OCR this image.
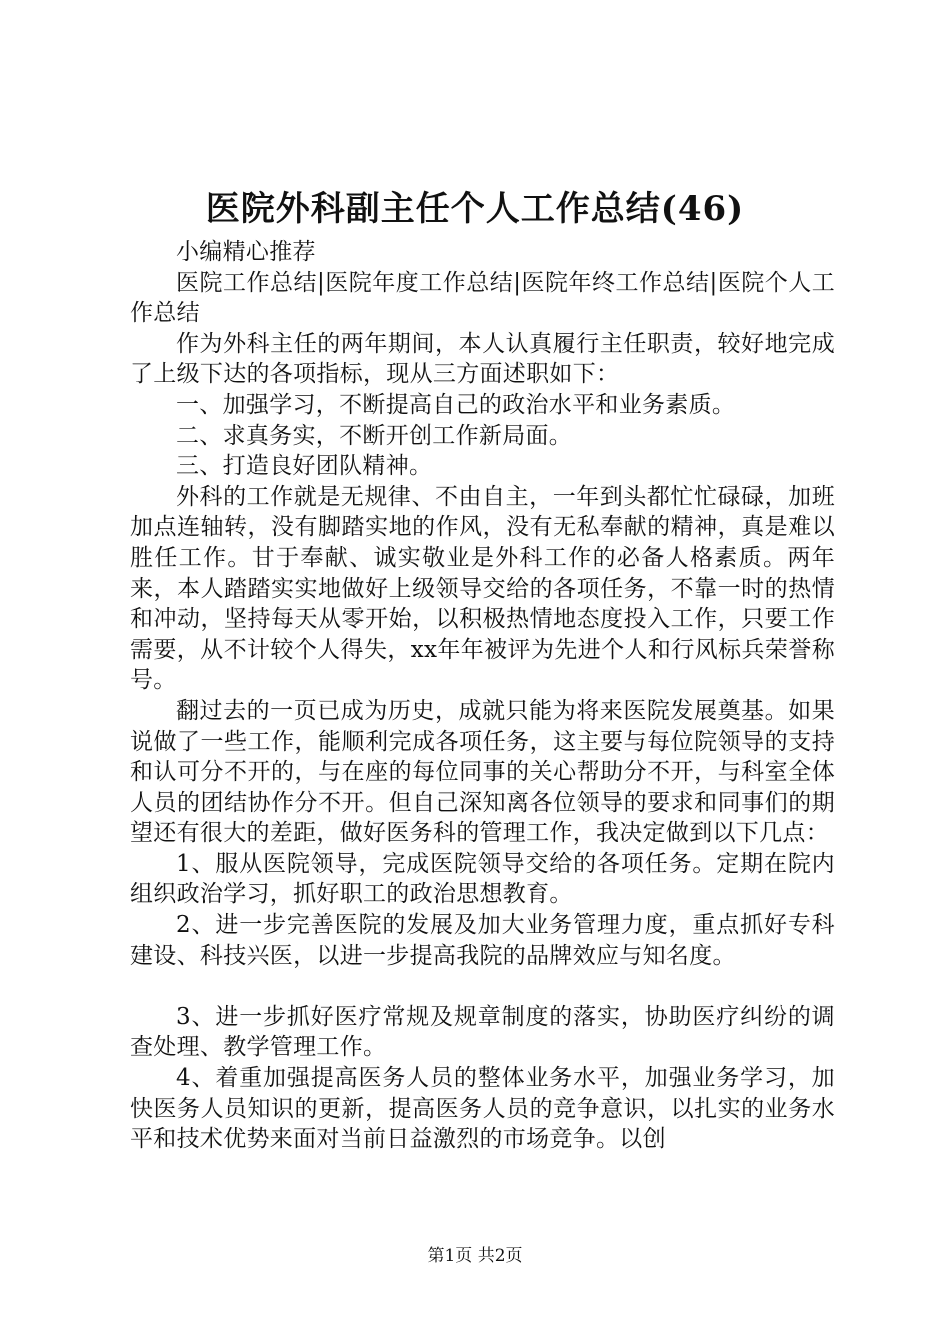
医院外科副主任个人工作总结(46)

小编精心推荐

医院工作总结|医院年度工作总结|医院年终工作总结|医院个人工作总结

作为外科主任的两年期间，本人认真履行主任职责，较好地完成了上级下达的各项指标，现从三方面述职如下：

一、加强学习，不断提高自己的政治水平和业务素质。

二、求真务实，不断开创工作新局面。

三、打造良好团队精神。

外科的工作就是无规律、不由自主，一年到头都忙忙碌碌，加班加点连轴转，没有脚踏实地的作风，没有无私奉献的精神，真是难以胜任工作。甘于奉献、诚实敬业是外科工作的必备人格素质。两年来，本人踏踏实实地做好上级领导交给的各项任务，不靠一时的热情和冲动，坚持每天从零开始，以积极热情地态度投入工作，只要工作需要，从不计较个人得失，xx年年被评为先进个人和行风标兵荣誉称号。

翻过去的一页已成为历史，成就只能为将来医院发展奠基。如果说做了一些工作，能顺利完成各项任务，这主要与每位院领导的支持和认可分不开的，与在座的每位同事的关心帮助分不开，与科室全体人员的团结协作分不开。但自己深知离各位领导的要求和同事们的期望还有很大的差距，做好医务科的管理工作，我决定做到以下几点：

1、服从医院领导，完成医院领导交给的各项任务。定期在院内组织政治学习，抓好职工的政治思想教育。

2、进一步完善医院的发展及加大业务管理力度，重点抓好专科建设、科技兴医，以进一步提高我院的品牌效应与知名度。

3、进一步抓好医疗常规及规章制度的落实，协助医疗纠纷的调查处理、教学管理工作。

4、着重加强提高医务人员的整体业务水平，加强业务学习，加快医务人员知识的更新，提高医务人员的竞争意识，以扎实的业务水平和技术优势来面对当前日益激烈的市场竞争。以创

第1页 共2页
